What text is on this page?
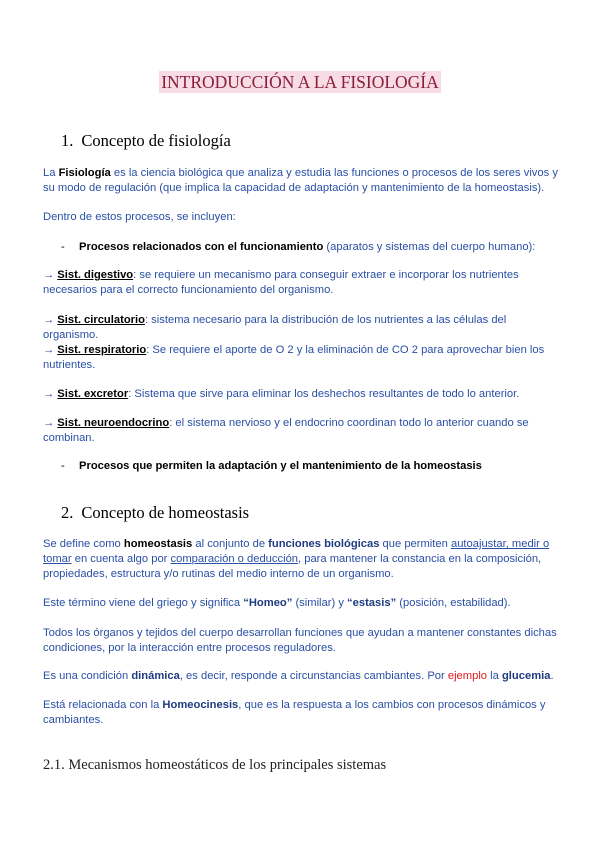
INTRODUCCIÓN A LA FISIOLOGÍA
1. Concepto de fisiología
La Fisiología es la ciencia biológica que analiza y estudia las funciones o procesos de los seres vivos y su modo de regulación (que implica la capacidad de adaptación y mantenimiento de la homeostasis).
Dentro de estos procesos, se incluyen:
- Procesos relacionados con el funcionamiento (aparatos y sistemas del cuerpo humano):
→ Sist. digestivo: se requiere un mecanismo para conseguir extraer e incorporar los nutrientes necesarios para el correcto funcionamiento del organismo.
→ Sist. circulatorio: sistema necesario para la distribución de los nutrientes a las células del organismo.
→ Sist. respiratorio: Se requiere el aporte de O 2 y la eliminación de CO 2 para aprovechar bien los nutrientes.
→ Sist. excretor: Sistema que sirve para eliminar los deshechos resultantes de todo lo anterior.
→ Sist. neuroendocrino: el sistema nervioso y el endocrino coordinan todo lo anterior cuando se combinan.
- Procesos que permiten la adaptación y el mantenimiento de la homeostasis
2. Concepto de homeostasis
Se define como homeostasis al conjunto de funciones biológicas que permiten autoajustar, medir o tomar en cuenta algo por comparación o deducción, para mantener la constancia en la composición, propiedades, estructura y/o rutinas del medio interno de un organismo.
Este término viene del griego y significa “Homeo” (similar) y “estasis” (posición, estabilidad).
Todos los órganos y tejidos del cuerpo desarrollan funciones que ayudan a mantener constantes dichas condiciones, por la interacción entre procesos reguladores.
Es una condición dinámica, es decir, responde a circunstancias cambiantes. Por ejemplo la glucemia.
Está relacionada con la Homeocinesis, que es la respuesta a los cambios con procesos dinámicos y cambiantes.
2.1. Mecanismos homeostáticos de los principales sistemas
